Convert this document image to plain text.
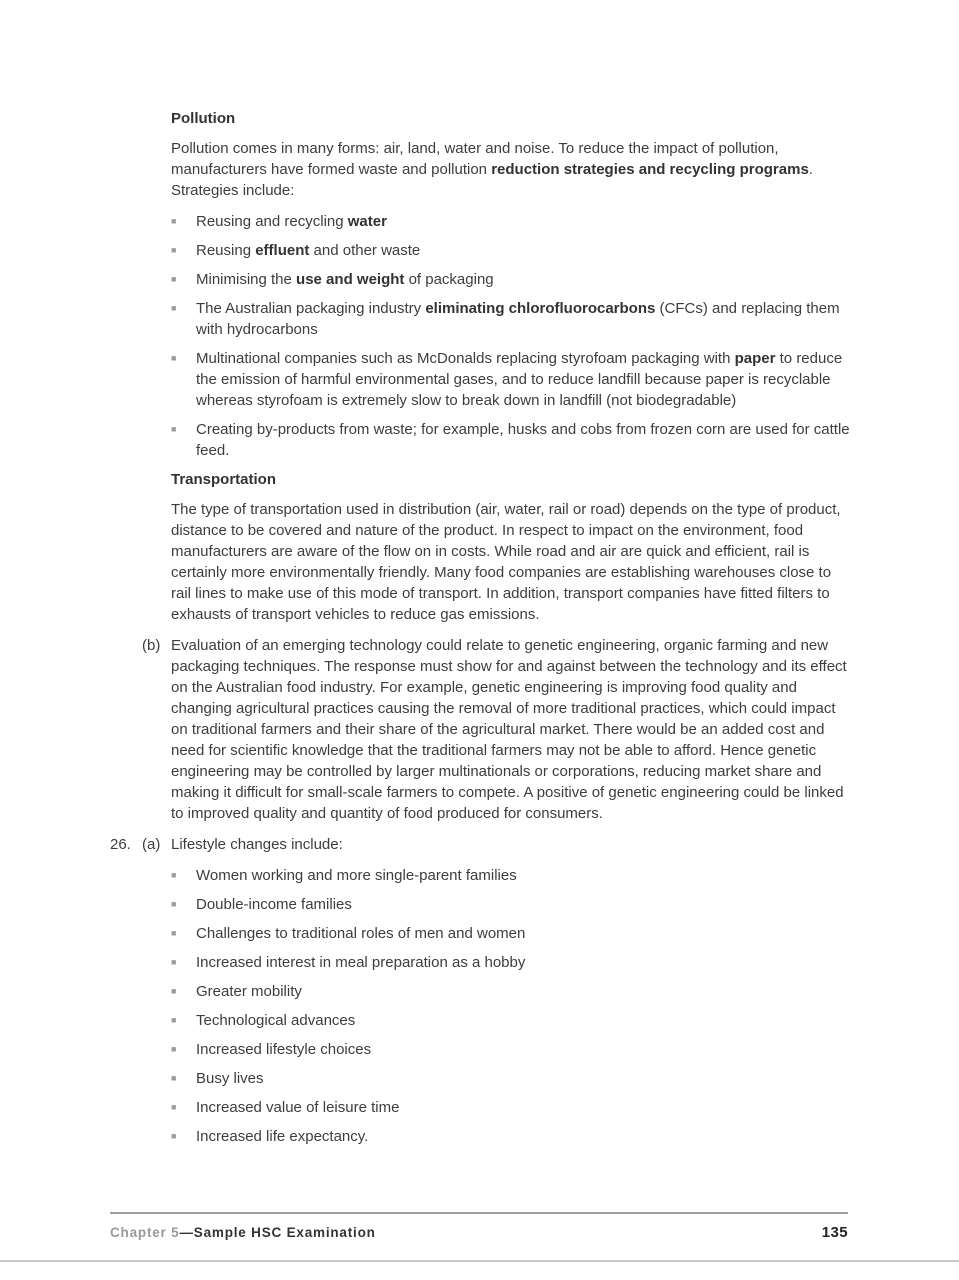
Pollution

Pollution comes in many forms: air, land, water and noise. To reduce the impact of pollution, manufacturers have formed waste and pollution reduction strategies and recycling programs. Strategies include:

■	Reusing and recycling water
■	Reusing effluent and other waste
■	Minimising the use and weight of packaging
■	The Australian packaging industry eliminating chlorofluorocarbons (CFCs) and replacing them with hydrocarbons
■	Multinational companies such as McDonalds replacing styrofoam packaging with paper to reduce the emission of harmful environmental gases, and to reduce landfill because paper is recyclable whereas styrofoam is extremely slow to break down in landfill (not biodegradable)
■	Creating by-products from waste; for example, husks and cobs from frozen corn are used for cattle feed.
Transportation

The type of transportation used in distribution (air, water, rail or road) depends on the type of product, distance to be covered and nature of the product. In respect to impact on the environment, food manufacturers are aware of the flow on in costs. While road and air are quick and efficient, rail is certainly more environmentally friendly. Many food companies are establishing warehouses close to rail lines to make use of this mode of transport. In addition, transport companies have fitted filters to exhausts of transport vehicles to reduce gas emissions.

(b) Evaluation of an emerging technology could relate to genetic engineering, organic farming and new packaging techniques. The response must show for and against between the technology and its effect on the Australian food industry. For example, genetic engineering is improving food quality and changing agricultural practices causing the removal of more traditional practices, which could impact on traditional farmers and their share of the agricultural market. There would be an added cost and need for scientific knowledge that the traditional farmers may not be able to afford. Hence genetic engineering may be controlled by larger multinationals or corporations, reducing market share and making it difficult for small-scale farmers to compete. A positive of genetic engineering could be linked to improved quality and quantity of food produced for consumers.
26. (a) Lifestyle changes include:
■	Women working and more single-parent families
■	Double-income families
■	Challenges to traditional roles of men and women
■	Increased interest in meal preparation as a hobby
■	Greater mobility
■	Technological advances
■	Increased lifestyle choices
■	Busy lives
■	Increased value of leisure time
■	Increased life expectancy.
Chapter 5—Sample HSC Examination	135
